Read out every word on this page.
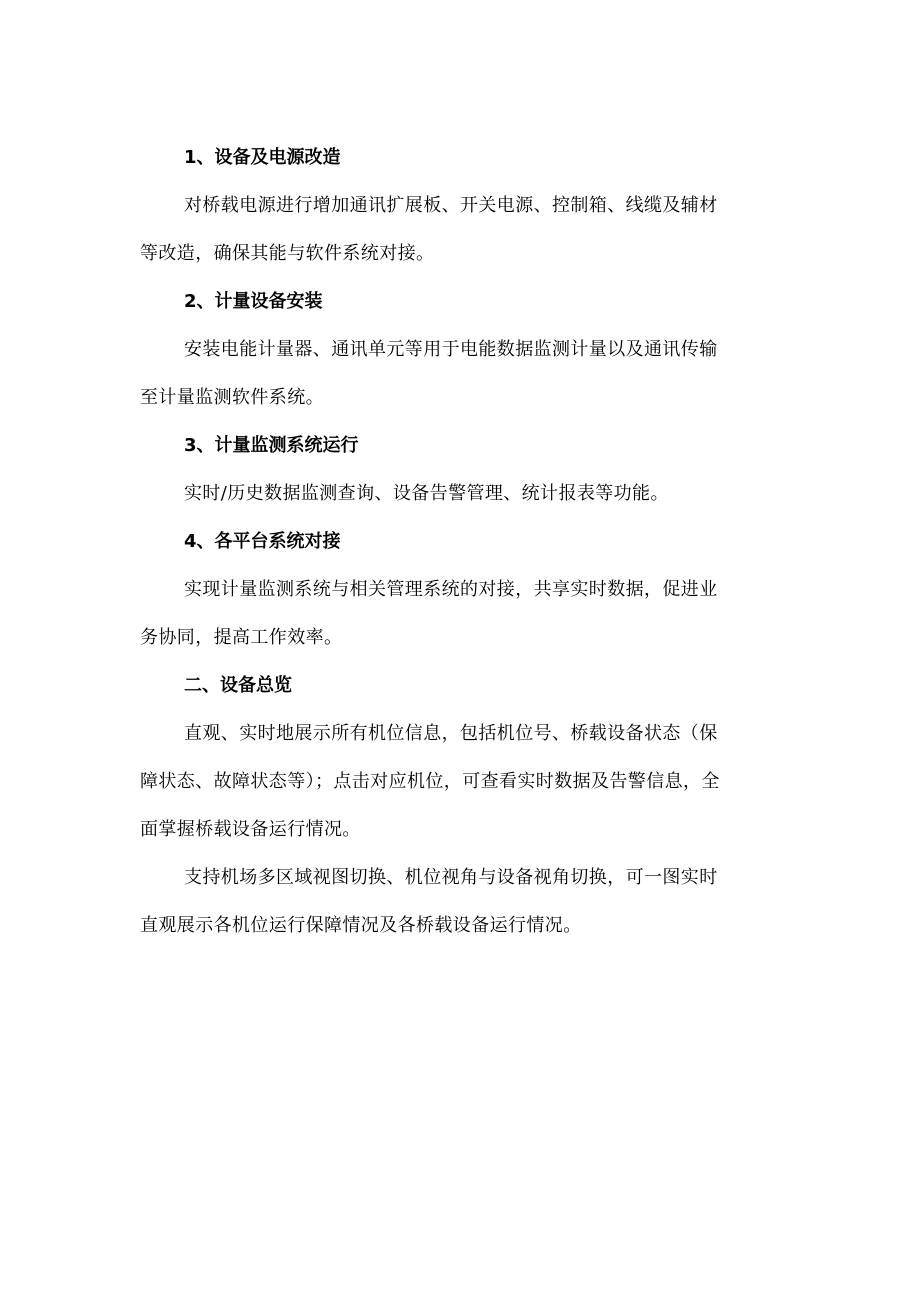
1、设备及电源改造

对桥载电源进行增加通讯扩展板、开关电源、控制箱、线缆及辅材
等改造，确保其能与软件系统对接。

2、计量设备安装

安装电能计量器、通讯单元等用于电能数据监测计量以及通讯传输
至计量监测软件系统。

3、计量监测系统运行

实时/历史数据监测查询、设备告警管理、统计报表等功能。

4、各平台系统对接

实现计量监测系统与相关管理系统的对接，共享实时数据，促进业
务协同，提高工作效率。

二、设备总览

直观、实时地展示所有机位信息，包括机位号、桥载设备状态（保
障状态、故障状态等）；点击对应机位，可查看实时数据及告警信息，全
面掌握桥载设备运行情况。

支持机场多区域视图切换、机位视角与设备视角切换，可一图实时
直观展示各机位运行保障情况及各桥载设备运行情况。
